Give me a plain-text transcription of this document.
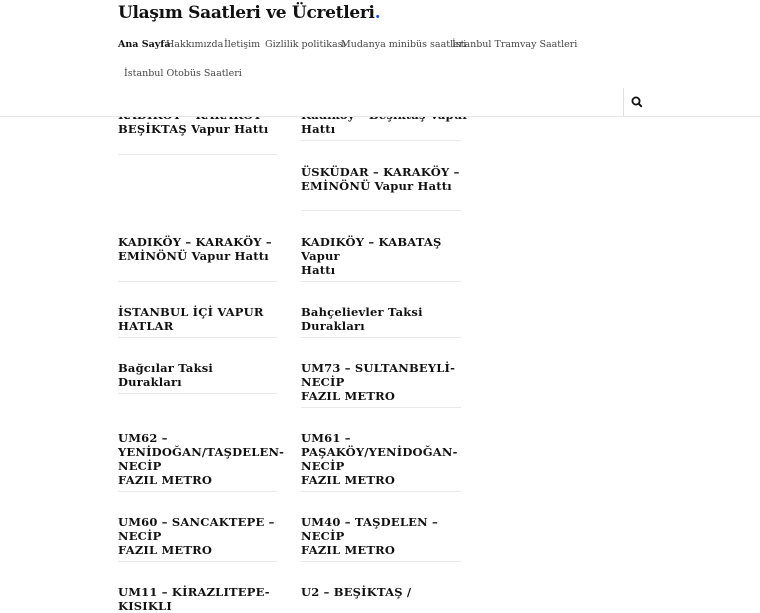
BEŞİKTAŞ Vapur Hattı
KADIKÖY – KARAKÖY –
EMİNÖNÜ Vapur Hattı
İSTANBUL İÇİ VAPUR HATLAR
Bağcılar Taksi Durakları
UM62 –
YENİDOĞAN/TAŞDELEN-NECİP
FAZIL METRO
UM60 – SANCAKTEPE – NECİP
FAZIL METRO
UM11 – KİRAZLITEPE-KISIKLI
Hattı
ÜSKÜDAR – KARAKÖY –
EMİNÖNÜ Vapur Hattı
KADIKÖY – KABATAŞ Vapur
Hattı
Bahçelievler Taksi Durakları
UM73 – SULTANBEYLİ-NECİP
FAZIL METRO
UM61 –
PAŞAKÖY/YENİDOĞAN-NECİP
FAZIL METRO
UM40 – TAŞDELEN – NECİP
FAZIL METRO
U2 – BEŞİKTAŞ /
Ulaşım Saatleri ve Ücretleri.
Ana Sayfa
Hakkımızda İletişim Gizlilik politikası
Mudanya minibüs saatleri
İstanbul Tramvay Saatleri
İstanbul Otobüs Saatleri
